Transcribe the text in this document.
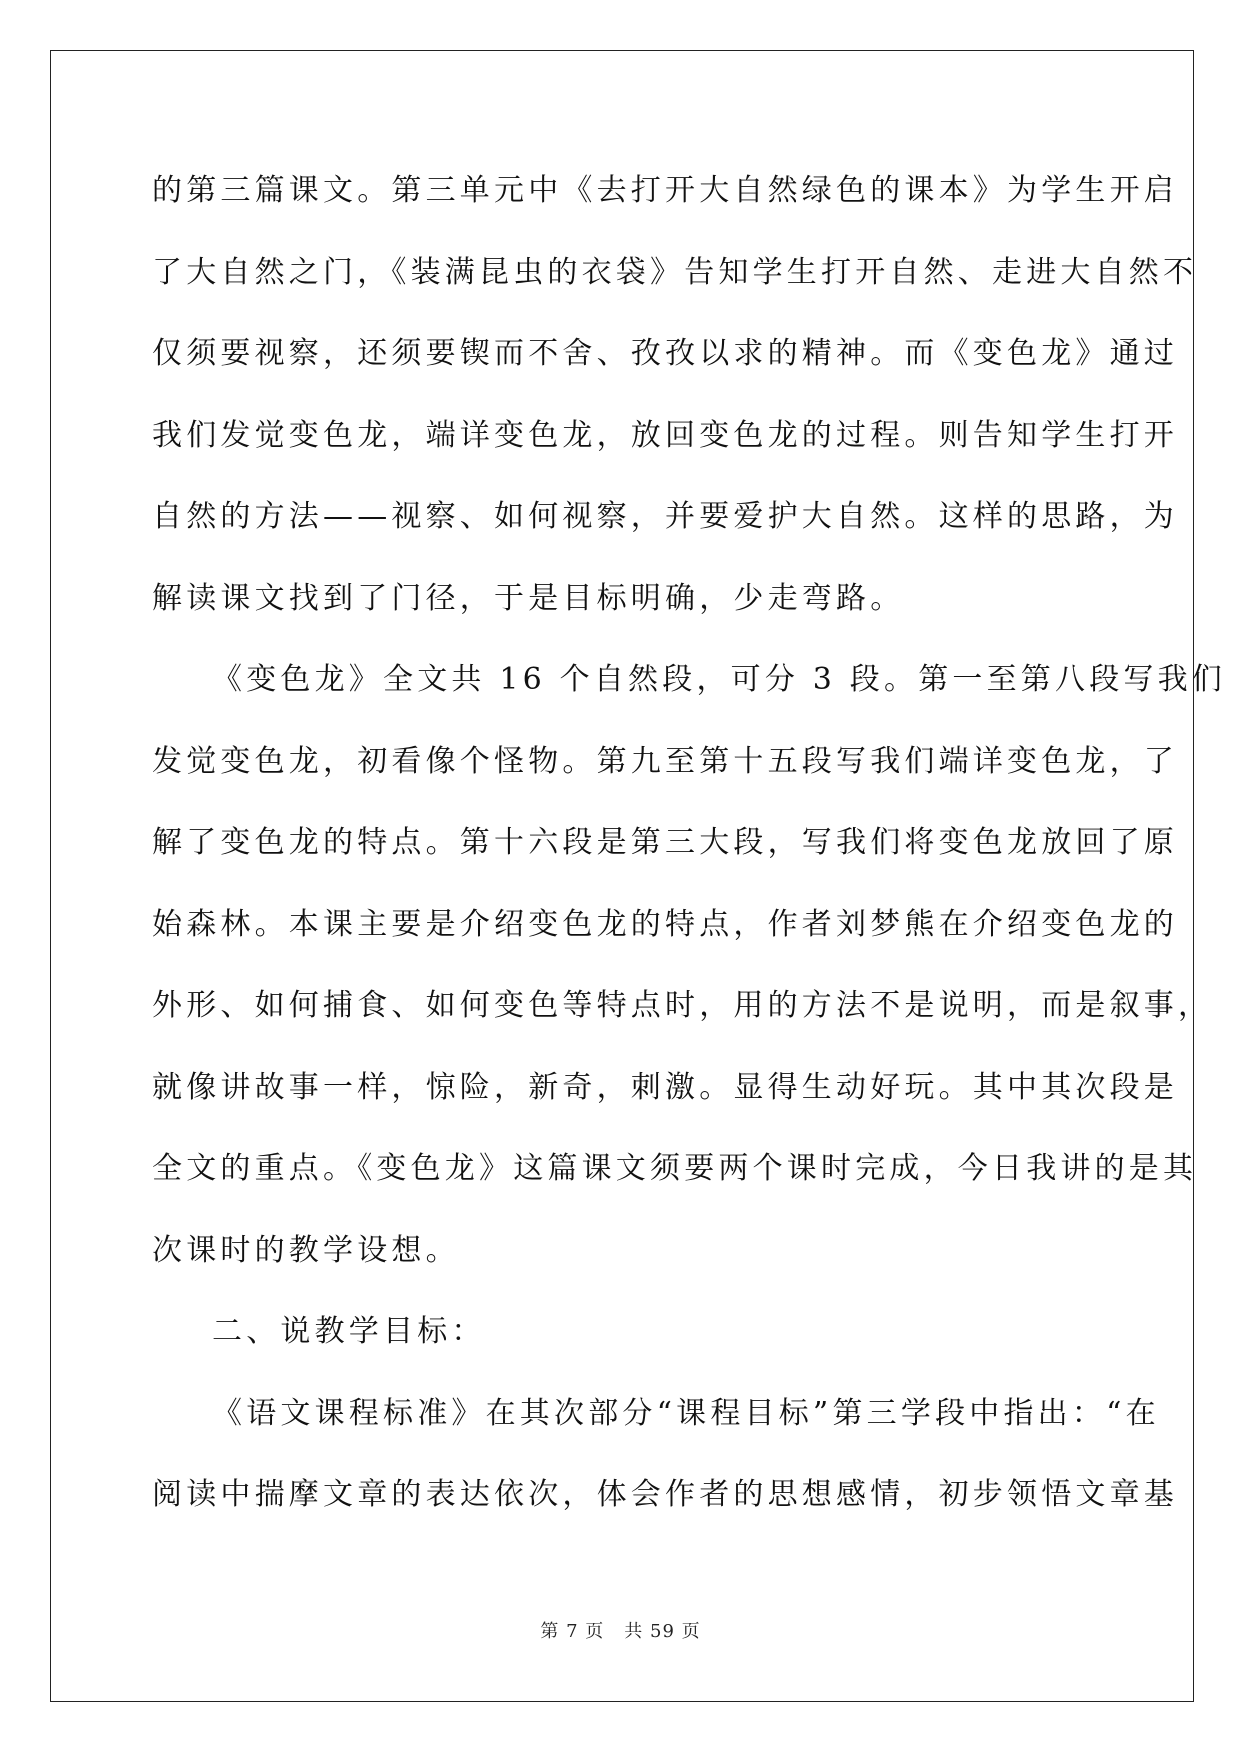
的第三篇课文。第三单元中《去打开大自然绿色的课本》为学生开启
了大自然之门，《装满昆虫的衣袋》告知学生打开自然、走进大自然不
仅须要视察，还须要锲而不舍、孜孜以求的精神。而《变色龙》通过
我们发觉变色龙，端详变色龙，放回变色龙的过程。则告知学生打开
自然的方法——视察、如何视察，并要爱护大自然。这样的思路，为
解读课文找到了门径，于是目标明确，少走弯路。
《变色龙》全文共 16 个自然段，可分 3 段。第一至第八段写我们
发觉变色龙，初看像个怪物。第九至第十五段写我们端详变色龙，了
解了变色龙的特点。第十六段是第三大段，写我们将变色龙放回了原
始森林。本课主要是介绍变色龙的特点，作者刘梦熊在介绍变色龙的
外形、如何捕食、如何变色等特点时，用的方法不是说明，而是叙事，
就像讲故事一样，惊险，新奇，刺激。显得生动好玩。其中其次段是
全文的重点。《变色龙》这篇课文须要两个课时完成，今日我讲的是其
次课时的教学设想。
二、说教学目标：
《语文课程标准》在其次部分“课程目标”第三学段中指出：“在
阅读中揣摩文章的表达依次，体会作者的思想感情，初步领悟文章基
第 7 页 共 59 页
